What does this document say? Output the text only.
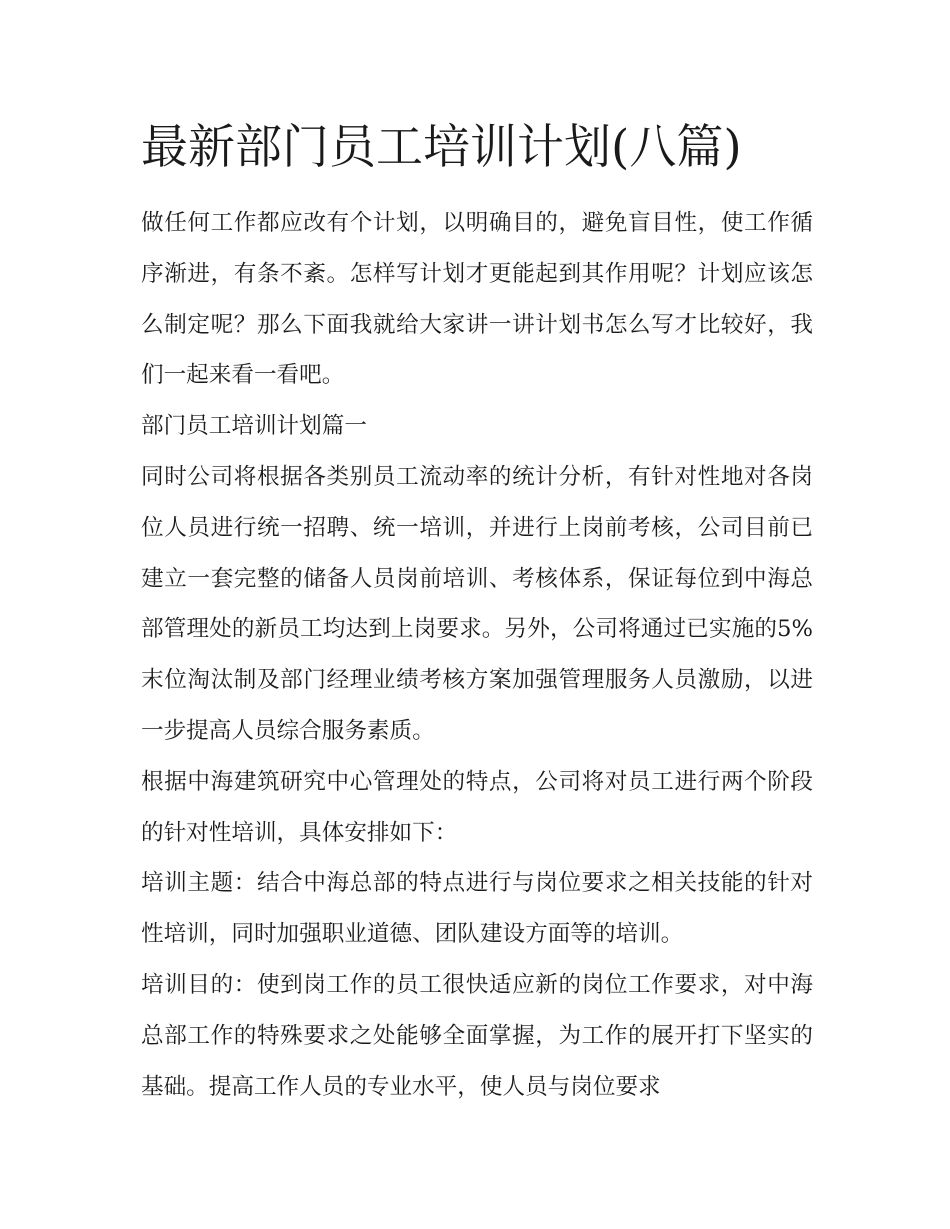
最新部门员工培训计划(八篇)

做任何工作都应改有个计划，以明确目的，避免盲目性，使工作循序渐进，有条不紊。怎样写计划才更能起到其作用呢？计划应该怎么制定呢？那么下面我就给大家讲一讲计划书怎么写才比较好，我们一起来看一看吧。

部门员工培训计划篇一

同时公司将根据各类别员工流动率的统计分析，有针对性地对各岗位人员进行统一招聘、统一培训，并进行上岗前考核，公司目前已建立一套完整的储备人员岗前培训、考核体系，保证每位到中海总部管理处的新员工均达到上岗要求。另外，公司将通过已实施的5%末位淘汰制及部门经理业绩考核方案加强管理服务人员激励，以进一步提高人员综合服务素质。

根据中海建筑研究中心管理处的特点，公司将对员工进行两个阶段的针对性培训，具体安排如下：

培训主题：结合中海总部的特点进行与岗位要求之相关技能的针对性培训，同时加强职业道德、团队建设方面等的培训。

培训目的：使到岗工作的员工很快适应新的岗位工作要求，对中海总部工作的特殊要求之处能够全面掌握，为工作的展开打下坚实的基础。提高工作人员的专业水平，使人员与岗位要求
